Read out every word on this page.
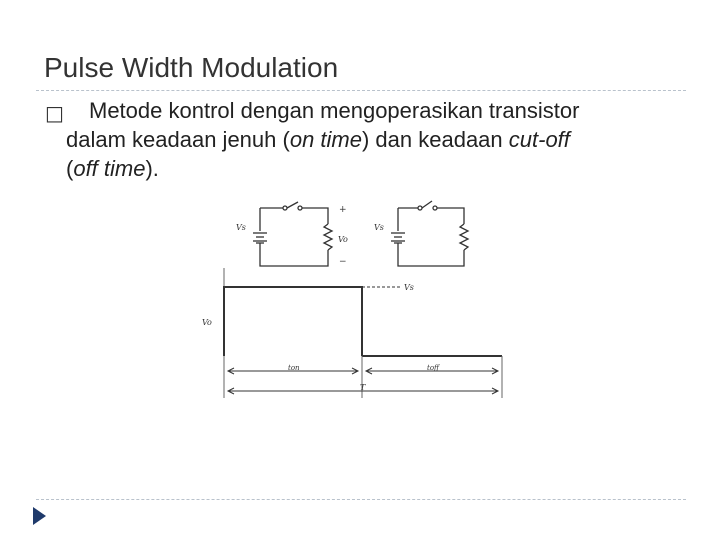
Pulse Width Modulation
□	Metode kontrol dengan mengoperasikan transistor
dalam keadaan jenuh (on time) dan keadaan cut-off
(off time).
Vs
Vo
+
−
Vs
Vs
Vo
ton	toff
T
